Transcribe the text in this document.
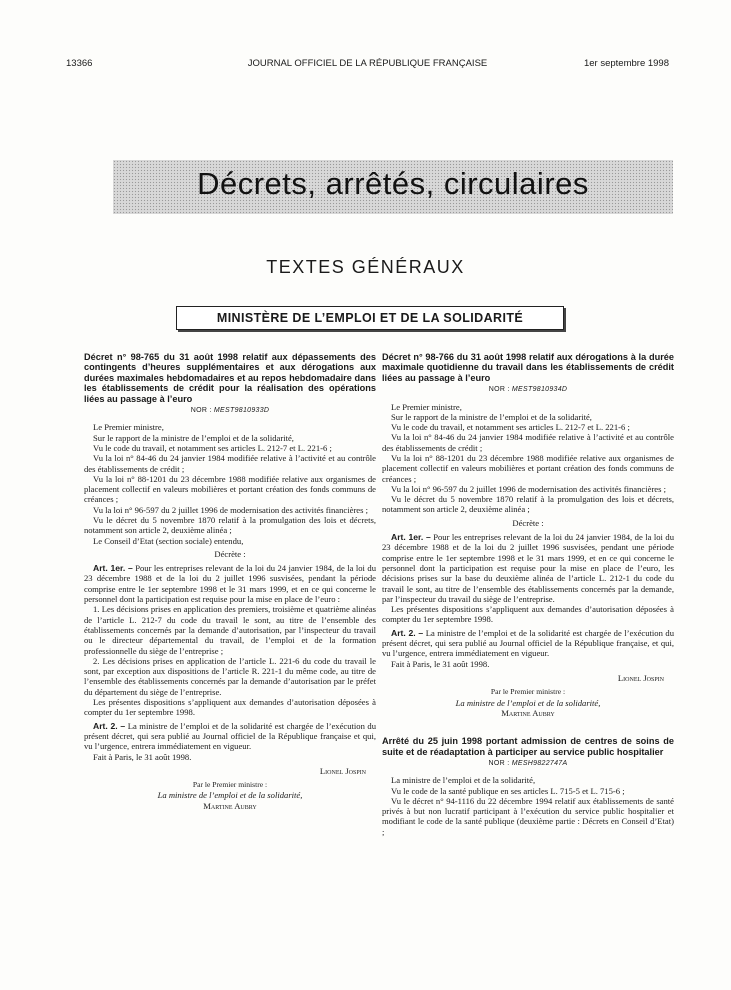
13366	JOURNAL OFFICIEL DE LA RÉPUBLIQUE FRANÇAISE	1er septembre 1998
Décrets, arrêtés, circulaires
TEXTES GÉNÉRAUX
MINISTÈRE DE L’EMPLOI ET DE LA SOLIDARITÉ
Décret n° 98-765 du 31 août 1998 relatif aux dépassements des contingents d’heures supplémentaires et aux dérogations aux durées maximales hebdomadaires et au repos hebdomadaire dans les établissements de crédit pour la réalisation des opérations liées au passage à l’euro
NOR : MEST9810933D

Le Premier ministre,

Sur le rapport de la ministre de l’emploi et de la solidarité,

Vu le code du travail, et notamment ses articles L. 212-7 et L. 221-6 ;

Vu la loi n° 84-46 du 24 janvier 1984 modifiée relative à l’activité et au contrôle des établissements de crédit ;

Vu la loi n° 88-1201 du 23 décembre 1988 modifiée relative aux organismes de placement collectif en valeurs mobilières et portant création des fonds communs de créances ;

Vu la loi n° 96-597 du 2 juillet 1996 de modernisation des activités financières ;

Vu le décret du 5 novembre 1870 relatif à la promulgation des lois et décrets, notamment son article 2, deuxième alinéa ;

Le Conseil d’Etat (section sociale) entendu,

Décrète :

Art. 1er. – Pour les entreprises relevant de la loi du 24 janvier 1984, de la loi du 23 décembre 1988 et de la loi du 2 juillet 1996 susvisées, pendant la période comprise entre le 1er septembre 1998 et le 31 mars 1999, et en ce qui concerne le personnel dont la participation est requise pour la mise en place de l’euro :

1. Les décisions prises en application des premiers, troisième et quatrième alinéas de l’article L. 212-7 du code du travail le sont, au titre de l’ensemble des établissements concernés par la demande d’autorisation, par l’inspecteur du travail ou le directeur départemental du travail, de l’emploi et de la formation professionnelle du siège de l’entreprise ;

2. Les décisions prises en application de l’article L. 221-6 du code du travail le sont, par exception aux dispositions de l’article R. 221-1 du même code, au titre de l’ensemble des établissements concernés par la demande d’autorisation par le préfet du département du siège de l’entreprise.

Les présentes dispositions s’appliquent aux demandes d’autorisation déposées à compter du 1er septembre 1998.

Art. 2. – La ministre de l’emploi et de la solidarité est chargée de l’exécution du présent décret, qui sera publié au Journal officiel de la République française et qui, vu l’urgence, entrera immédiatement en vigueur.

Fait à Paris, le 31 août 1998.

Lionel Jospin

Par le Premier ministre :

La ministre de l’emploi et de la solidarité,

Martine Aubry

Décret n° 98-766 du 31 août 1998 relatif aux dérogations à la durée maximale quotidienne du travail dans les établissements de crédit liées au passage à l’euro
NOR : MEST9810934D

Le Premier ministre,

Sur le rapport de la ministre de l’emploi et de la solidarité,

Vu le code du travail, et notamment ses articles L. 212-7 et L. 221-6 ;

Vu la loi n° 84-46 du 24 janvier 1984 modifiée relative à l’activité et au contrôle des établissements de crédit ;

Vu la loi n° 88-1201 du 23 décembre 1988 modifiée relative aux organismes de placement collectif en valeurs mobilières et portant création des fonds communs de créances ;

Vu la loi n° 96-597 du 2 juillet 1996 de modernisation des activités financières ;

Vu le décret du 5 novembre 1870 relatif à la promulgation des lois et décrets, notamment son article 2, deuxième alinéa ;

Décrète :

Art. 1er. – Pour les entreprises relevant de la loi du 24 janvier 1984, de la loi du 23 décembre 1988 et de la loi du 2 juillet 1996 susvisées, pendant une période comprise entre le 1er septembre 1998 et le 31 mars 1999, et en ce qui concerne le personnel dont la participation est requise pour la mise en place de l’euro, les décisions prises sur la base du deuxième alinéa de l’article L. 212-1 du code du travail le sont, au titre de l’ensemble des établissements concernés par la demande, par l’inspecteur du travail du siège de l’entreprise.

Les présentes dispositions s’appliquent aux demandes d’autorisation déposées à compter du 1er septembre 1998.

Art. 2. – La ministre de l’emploi et de la solidarité est chargée de l’exécution du présent décret, qui sera publié au Journal officiel de la République française, et qui, vu l’urgence, entrera immédiatement en vigueur.

Fait à Paris, le 31 août 1998.

Lionel Jospin

Par le Premier ministre :

La ministre de l’emploi et de la solidarité,

Martine Aubry

Arrêté du 25 juin 1998 portant admission de centres de soins de suite et de réadaptation à participer au service public hospitalier
NOR : MESH9822747A

La ministre de l’emploi et de la solidarité,

Vu le code de la santé publique en ses articles L. 715-5 et L. 715-6 ;

Vu le décret n° 94-1116 du 22 décembre 1994 relatif aux établissements de santé privés à but non lucratif participant à l’exécution du service public hospitalier et modifiant le code de la santé publique (deuxième partie : Décrets en Conseil d’Etat) ;
